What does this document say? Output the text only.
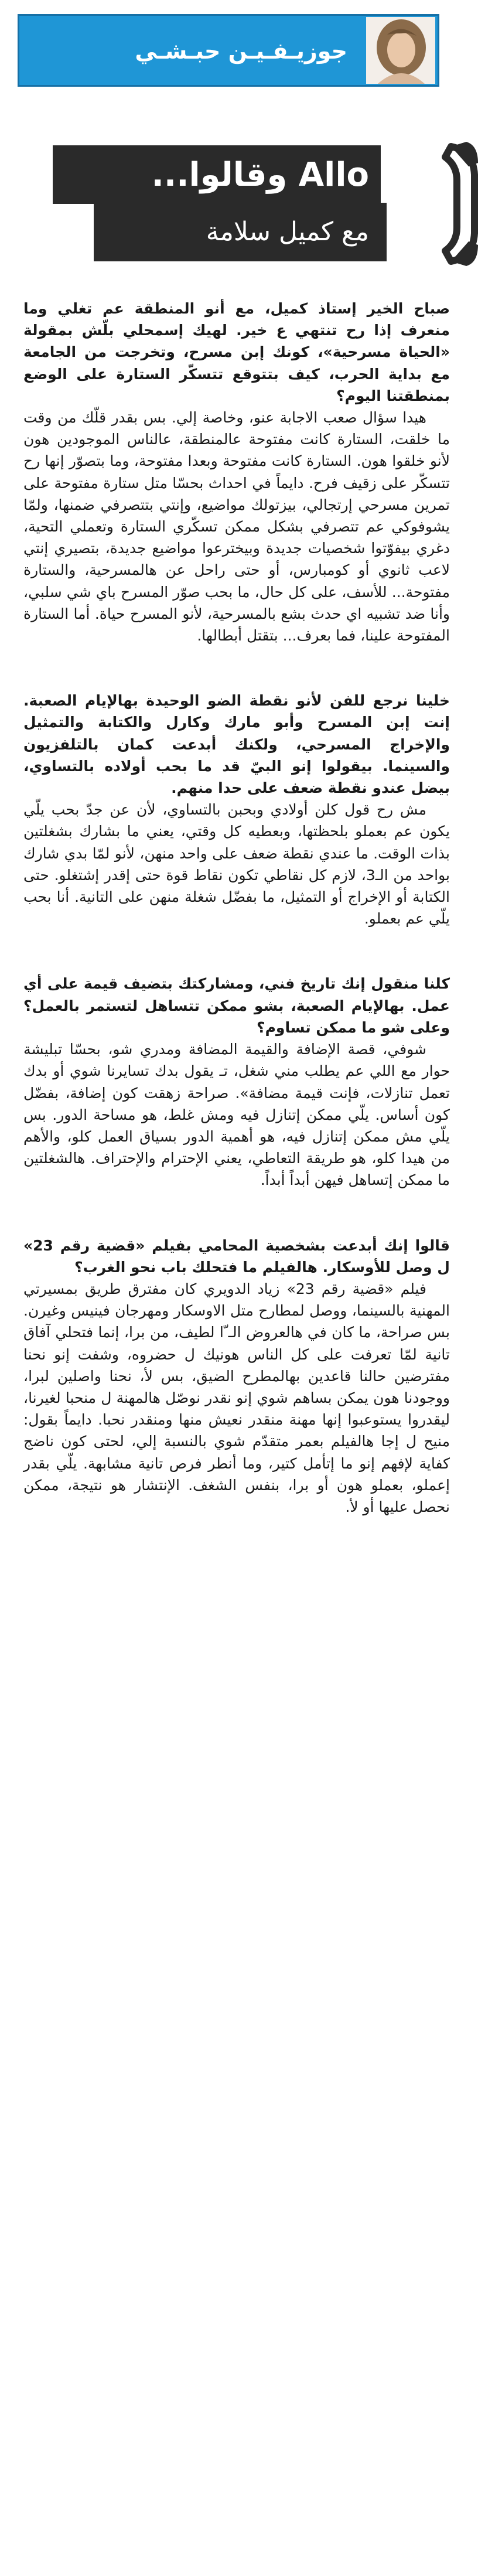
جوزيـفـيـن حبـشـي
Allo وقالوا...
مع كميل سلامة

صباح الخير إستاذ كميل، مع أنو المنطقة عم تغلي وما منعرف إذا رح تنتهي ع خير. لهيك إسمحلي بلّش بمقولة «الحياة مسرحية»، كونك إبن مسرح، وتخرجت من الجامعة مع بداية الحرب، كيف بتتوقع تتسكّر الستارة على الوضع بمنطقتنا اليوم؟

هيدا سؤال صعب الاجابة عنو، وخاصة إلي. بس بقدر قلّك من وقت ما خلقت، الستارة كانت مفتوحة عالمنطقة، عالناس الموجودين هون لأنو خلقوا هون. الستارة كانت مفتوحة وبعدا مفتوحة، وما بتصوّر إنها رح تتسكّر على زقيف فرح. دايماً في احداث بحسّا متل ستارة مفتوحة على تمرين مسرحي إرتجالي، بيزتولك مواضيع، وإنتي بتتصرفي ضمنها، ولمّا يشوفوكي عم تتصرفي بشكل ممكن تسكّري الستارة وتعملي التحية، دغري بيفوّتوا شخصيات جديدة وبيخترعوا مواضيع جديدة، بتصيري إنتي لاعب ثانوي أو كومبارس، أو حتى راحل عن هالمسرحية، والستارة مفتوحة... للأسف، على كل حال، ما بحب صوّر المسرح باي شي سلبي، وأنا ضد تشبيه اي حدث بشع بالمسرحية، لأنو المسرح حياة. أما الستارة المفتوحة علينا، فما بعرف... بتقتل أبطالها.

خلينا نرجع للفن لأنو نقطة الضو الوحيدة بهالإيام الصعبة. إنت إبن المسرح وأبو مارك وكارل والكتابة والتمثيل والإخراج المسرحي، ولكنك أبدعت كمان بالتلفزيون والسينما. بيقولوا إنو البيّ قد ما بحب أولاده بالتساوي، بيضل عندو نقطة ضعف على حدا منهم.

مش رح قول كلن أولادي وبحبن بالتساوي، لأن عن جدّ بحب يلّي يكون عم بعملو بلحظتها، وبعطيه كل وقتي، يعني ما بشارك بشغلتين بذات الوقت. ما عندي نقطة ضعف على واحد منهن، لأنو لمّا بدي شارك بواحد من الـ3، لازم كل نقاطي تكون نقاط قوة حتى إقدر إشتغلو. حتى الكتابة أو الإخراج أو التمثيل، ما بفضّل شغلة منهن على التانية. أنا بحب يلّي عم بعملو.

كلنا منقول إنك تاريخ فني، ومشاركتك بتضيف قيمة على أي عمل. بهالإيام الصعبة، بشو ممكن تتساهل لتستمر بالعمل؟ وعلى شو ما ممكن تساوم؟

شوفي، قصة الإضافة والقيمة المضافة ومدري شو، بحسّا تبليشة حوار مع اللي عم يطلب مني شغل، تـ يقول بدك تسايرنا شوي أو بدك تعمل تنازلات، فإنت قيمة مضافة». صراحة زهقت كون إضافة، بفضّل كون أساس. يلّي ممكن إتنازل فيه ومش غلط، هو مساحة الدور. بس يلّي مش ممكن إتنازل فيه، هو أهمية الدور بسياق العمل كلو، والأهم من هيدا كلو، هو طريقة التعاطي، يعني الإحترام والإحتراف. هالشغلتين ما ممكن إتساهل فيهن أبداً أبداً.

قالوا إنك أبدعت بشخصية المحامي بفيلم «قضية رقم 23» ل وصل للأوسكار. هالفيلم ما فتحلك باب نحو الغرب؟

فيلم «قضية رقم 23» زياد الدويري كان مفترق طريق بمسيرتي المهنية بالسينما، ووصل لمطارح متل الاوسكار ومهرجان فينيس وغيرن. بس صراحة، ما كان في هالعروض الـ ّا لطيف، من برا، إنما فتحلي آفاق تانية لمّا تعرفت على كل الناس هونيك ل حضروه، وشفت إنو نحنا مفترضين حالنا قاعدين بهالمطرح الضيق، بس لأ، نحنا واصلين لبرا، ووجودنا هون يمكن بساهم شوي إنو نقدر نوصّل هالمهنة ل منحبا لغيرنا، ليقدروا يستوعبوا إنها مهنة منقدر نعيش منها ومنقدر نحبا. دايماً بقول: منيح ل إجا هالفيلم بعمر متقدّم شوي بالنسبة إلي، لحتى كون ناضج كفاية لإفهم إنو ما إتأمل كتير، وما أنطر فرص تانية مشابهة. يلّي بقدر إعملو، بعملو هون أو برا، بنفس الشغف. الإنتشار هو نتيجة، ممكن نحصل عليها أو لأ.
